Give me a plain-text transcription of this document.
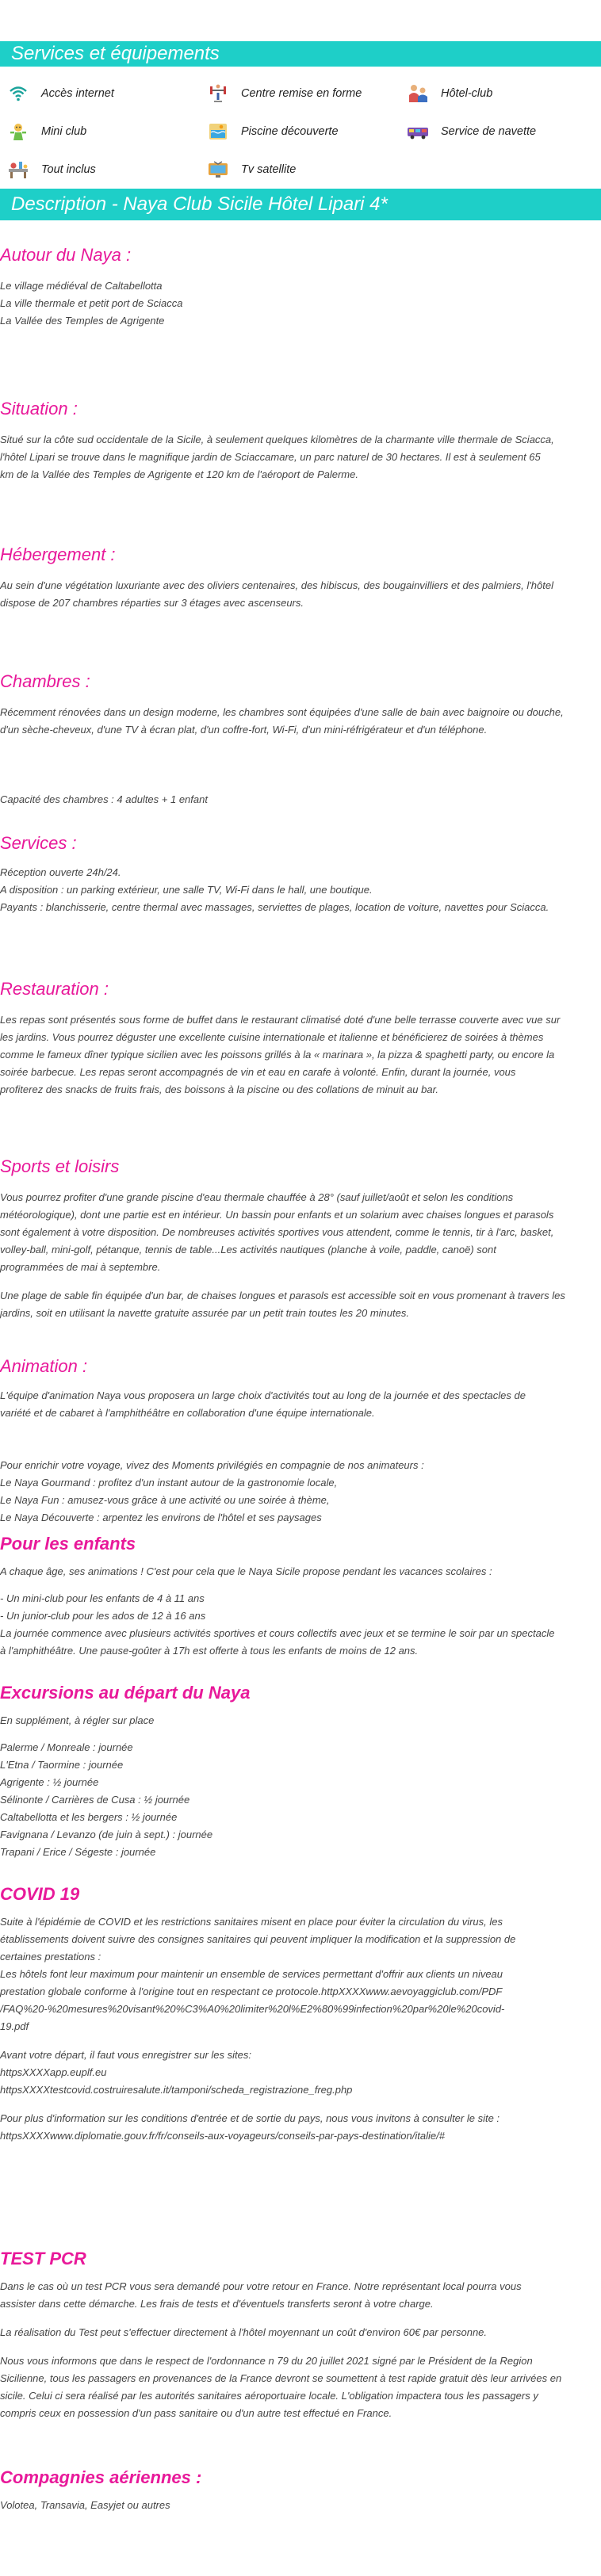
Services et équipements
Accès internet	Centre remise en forme	Hôtel-club
Mini club	Piscine découverte	Service de navette
Tout inclus	Tv satellite
Description - Naya Club Sicile Hôtel Lipari 4*
Autour du Naya :
Le village médiéval de Caltabellotta
La ville thermale et petit port de Sciacca
La Vallée des Temples de Agrigente
Situation :
Situé sur la côte sud occidentale de la Sicile, à seulement quelques kilomètres de la charmante ville thermale de Sciacca,
l'hôtel Lipari se trouve dans le magnifique jardin de Sciaccamare, un parc naturel de 30 hectares. Il est à seulement 65
km de la Vallée des Temples de Agrigente et 120 km de l'aéroport de Palerme.
Hébergement :
Au sein d'une végétation luxuriante avec des oliviers centenaires, des hibiscus, des bougainvilliers et des palmiers, l'hôtel
dispose de 207 chambres réparties sur 3 étages avec ascenseurs.
Chambres :
Récemment rénovées dans un design moderne, les chambres sont équipées d'une salle de bain avec baignoire ou douche,
d'un sèche-cheveux, d'une TV à écran plat, d'un coffre-fort, Wi-Fi, d'un mini-réfrigérateur et d'un téléphone.
Capacité des chambres : 4 adultes + 1 enfant
Services :
Réception ouverte 24h/24.
A disposition : un parking extérieur, une salle TV, Wi-Fi dans le hall, une boutique.
Payants : blanchisserie, centre thermal avec massages, serviettes de plages, location de voiture, navettes pour Sciacca.
Restauration :
Les repas sont présentés sous forme de buffet dans le restaurant climatisé doté d'une belle terrasse couverte avec vue sur
les jardins. Vous pourrez déguster une excellente cuisine internationale et italienne et bénéficierez de soirées à thèmes
comme le fameux dîner typique sicilien avec les poissons grillés à la « marinara », la pizza & spaghetti party, ou encore la
soirée barbecue. Les repas seront accompagnés de vin et eau en carafe à volonté. Enfin, durant la journée, vous
profiterez des snacks de fruits frais, des boissons à la piscine ou des collations de minuit au bar.
Sports et loisirs
Vous pourrez profiter d'une grande piscine d'eau thermale chauffée à 28° (sauf juillet/août et selon les conditions
météorologique), dont une partie est en intérieur. Un bassin pour enfants et un solarium avec chaises longues et parasols
sont également à votre disposition. De nombreuses activités sportives vous attendent, comme le tennis, tir à l'arc, basket,
volley-ball, mini-golf, pétanque, tennis de table...Les activités nautiques (planche à voile, paddle, canoë) sont
programmées de mai à septembre.
Une plage de sable fin équipée d'un bar, de chaises longues et parasols est accessible soit en vous promenant à travers les
jardins, soit en utilisant la navette gratuite assurée par un petit train toutes les 20 minutes.
Animation :
L'équipe d'animation Naya vous proposera un large choix d'activités tout au long de la journée et des spectacles de
variété et de cabaret à l'amphithéâtre en collaboration d'une équipe internationale.
Pour enrichir votre voyage, vivez des Moments privilégiés en compagnie de nos animateurs :
Le Naya Gourmand : profitez d'un instant autour de la gastronomie locale,
Le Naya Fun : amusez-vous grâce à une activité ou une soirée à thème,
Le Naya Découverte : arpentez les environs de l'hôtel et ses paysages
Pour les enfants
A chaque âge, ses animations ! C'est pour cela que le Naya Sicile propose pendant les vacances scolaires :
- Un mini-club pour les enfants de 4 à 11 ans
- Un junior-club pour les ados de 12 à 16 ans
La journée commence avec plusieurs activités sportives et cours collectifs avec jeux et se termine le soir par un spectacle
à l'amphithéâtre. Une pause-goûter à 17h est offerte à tous les enfants de moins de 12 ans.
Excursions au départ du Naya
En supplément, à régler sur place
Palerme / Monreale : journée
L'Etna / Taormine : journée
Agrigente : ½ journée
Sélinonte / Carrières de Cusa : ½ journée
Caltabellotta et les bergers : ½ journée
Favignana / Levanzo (de juin à sept.) : journée
Trapani / Erice / Ségeste : journée
COVID 19
Suite à l'épidémie de COVID et les restrictions sanitaires misent en place pour éviter la circulation du virus, les
établissements doivent suivre des consignes sanitaires qui peuvent impliquer la modification et la suppression de
certaines prestations :
Les hôtels font leur maximum pour maintenir un ensemble de services permettant d'offrir aux clients un niveau
prestation globale conforme à l'origine tout en respectant ce protocole.httpXXXXwww.aevoyaggiclub.com/PDF
/FAQ%20-%20mesures%20visant%20%C3%A0%20limiter%20l%E2%80%99infection%20par%20le%20covid-
19.pdf
Avant votre départ, il faut vous enregistrer sur les sites:
httpsXXXXapp.euplf.eu
httpsXXXXtestcovid.costruiresalute.it/tamponi/scheda_registrazione_freg.php
Pour plus d'information sur les conditions d'entrée et de sortie du pays, nous vous invitons à consulter le site :
httpsXXXXwww.diplomatie.gouv.fr/fr/conseils-aux-voyageurs/conseils-par-pays-destination/italie/#
TEST PCR
Dans le cas où un test PCR vous sera demandé pour votre retour en France. Notre représentant local pourra vous
assister dans cette démarche. Les frais de tests et d'éventuels transferts seront à votre charge.
La réalisation du Test peut s'effectuer directement à l'hôtel moyennant un coût d'environ 60€ par personne.
Nous vous informons que dans le respect de l'ordonnance n 79 du 20 juillet 2021 signé par le Président de la Region
Sicilienne, tous les passagers en provenances de la France devront se soumettent à test rapide gratuit dès leur arrivées en
sicile. Celui ci sera réalisé par les autorités sanitaires aéroportuaire locale. L'obligation impactera tous les passagers y
compris ceux en possession d'un pass sanitaire ou d'un autre test effectué en France.
Compagnies aériennes :
Volotea, Transavia, Easyjet ou autres
